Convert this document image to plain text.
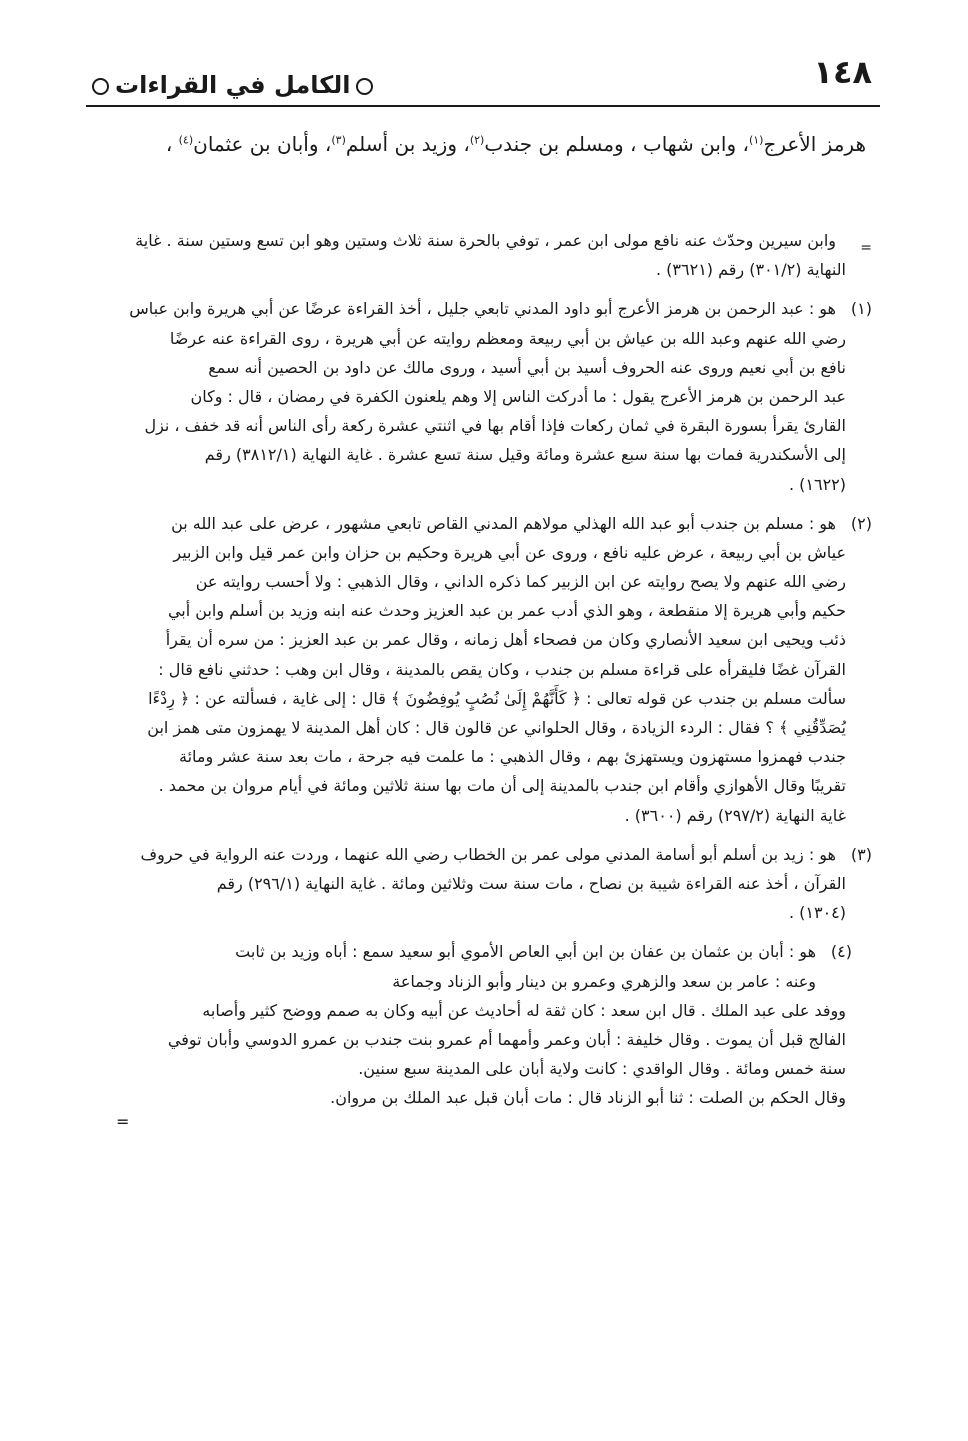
١٤٨
الكامل في القراءات
هرمز الأعرج$^{(١)}$، وابن شهاب ، ومسلم بن جندب$^{(٢)}$، وزيد بن أسلم$^{(٣)}$، وأبان بن عثمان$^{(٤)}$ ،
=
وابن سيرين وحدّث عنه نافع مولى ابن عمر ، توفي بالحرة سنة ثلاث وستين وهو ابن تسع وستين سنة . غاية
النهاية (٣٠١/٢) رقم (٣٦٢١) .
(١)
هو : عبد الرحمن بن هرمز الأعرج أبو داود المدني تابعي جليل ، أخذ القراءة عرضًا عن أبي هريرة وابن عباس
رضي الله عنهم وعبد الله بن عياش بن أبي ربيعة ومعظم روايته عن أبي هريرة ، روى القراءة عنه عرضًا
نافع بن أبي نعيم وروى عنه الحروف أسيد بن أبي أسيد ، وروى مالك عن داود بن الحصين أنه سمع
عبد الرحمن بن هرمز الأعرج يقول : ما أدركت الناس إلا وهم يلعنون الكفرة في رمضان ، قال : وكان
القارئ يقرأ بسورة البقرة في ثمان ركعات فإذا أقام بها في اثنتي عشرة ركعة رأى الناس أنه قد خفف ، نزل
إلى الأسكندرية فمات بها سنة سبع عشرة ومائة وقيل سنة تسع عشرة . غاية النهاية (٣٨١٢/١) رقم
(١٦٢٢) .
(٢)
هو : مسلم بن جندب أبو عبد الله الهذلي مولاهم المدني القاص تابعي مشهور ، عرض على عبد الله بن
عياش بن أبي ربيعة ، عرض عليه نافع ، وروى عن أبي هريرة وحكيم بن حزان وابن عمر قيل وابن الزبير
رضي الله عنهم ولا يصح روايته عن ابن الزبير كما ذكره الداني ، وقال الذهبي : ولا أحسب روايته عن
حكيم وأبي هريرة إلا منقطعة ، وهو الذي أدب عمر بن عبد العزيز وحدث عنه ابنه وزيد بن أسلم وابن أبي
ذئب ويحيى ابن سعيد الأنصاري وكان من فصحاء أهل زمانه ، وقال عمر بن عبد العزيز : من سره أن يقرأ
القرآن غضًا فليقرأه على قراءة مسلم بن جندب ، وكان يقص بالمدينة ، وقال ابن وهب : حدثني نافع قال :
سألت مسلم بن جندب عن قوله تعالى : ﴿ كَأَنَّهُمْ إِلَىٰ نُصُبٍ يُوفِضُونَ ﴾ قال : إلى غاية ، فسألته عن : ﴿ رِدْءًا
يُصَدِّقُنِي ﴾ ؟ فقال : الردء الزيادة ، وقال الحلواني عن قالون قال : كان أهل المدينة لا يهمزون متى همز ابن
جندب فهمزوا مستهزون ويستهزئ بهم ، وقال الذهبي : ما علمت فيه جرحة ، مات بعد سنة عشر ومائة
تقريبًا وقال الأهوازي وأقام ابن جندب بالمدينة إلى أن مات بها سنة ثلاثين ومائة في أيام مروان بن محمد .
غاية النهاية (٢٩٧/٢) رقم (٣٦٠٠) .
(٣)
هو : زيد بن أسلم أبو أسامة المدني مولى عمر بن الخطاب رضي الله عنهما ، وردت عنه الرواية في حروف
القرآن ، أخذ عنه القراءة شيبة بن نصاح ، مات سنة ست وثلاثين ومائة . غاية النهاية (٢٩٦/١) رقم
(١٣٠٤) .
(٤)
هو : أبان بن عثمان بن عفان بن ابن أبي العاص الأموي أبو سعيد سمع : أباه وزيد بن ثابت
وعنه : عامر بن سعد والزهري وعمرو بن دينار وأبو الزناد وجماعة
ووفد على عبد الملك . قال ابن سعد : كان ثقة له أحاديث عن أبيه وكان به صمم ووضح كثير وأصابه
الفالج قبل أن يموت . وقال خليفة : أبان وعمر وأمهما أم عمرو بنت جندب بن عمرو الدوسي وأبان توفي
سنة خمس ومائة . وقال الواقدي : كانت ولاية أبان على المدينة سبع سنين.
وقال الحكم بن الصلت : ثنا أبو الزناد قال : مات أبان قبل عبد الملك بن مروان.
=
